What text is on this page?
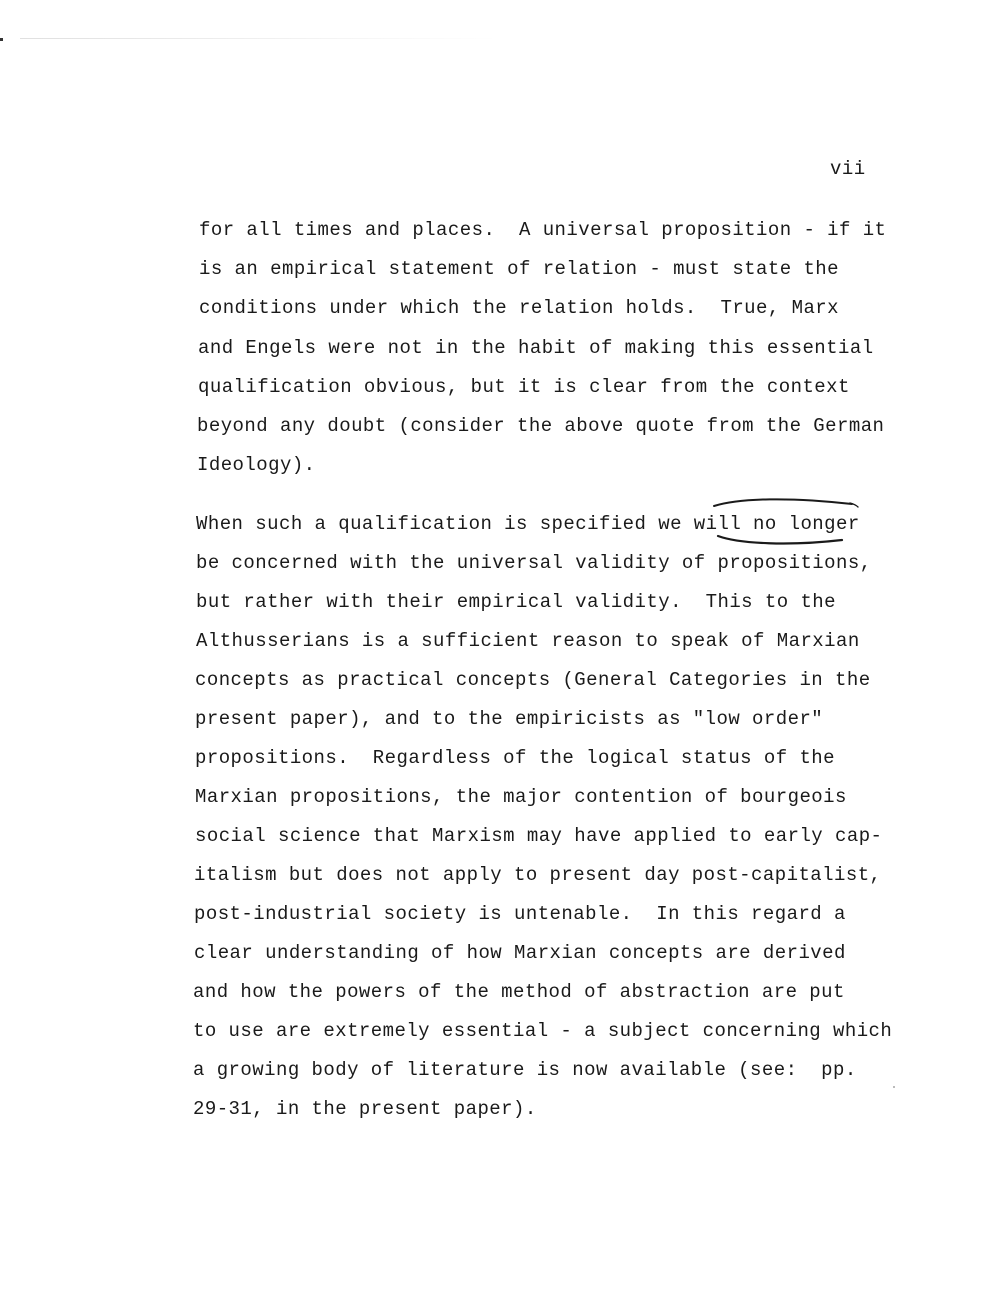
vii
for all times and places.  A universal proposition - if it
is an empirical statement of relation - must state the
conditions under which the relation holds.  True, Marx
and Engels were not in the habit of making this essential
qualification obvious, but it is clear from the context
beyond any doubt (consider the above quote from the German
Ideology).
When such a qualification is specified we will no longer
be concerned with the universal validity of propositions,
but rather with their empirical validity.  This to the
Althusserians is a sufficient reason to speak of Marxian
concepts as practical concepts (General Categories in the
present paper), and to the empiricists as "low order"
propositions.  Regardless of the logical status of the
Marxian propositions, the major contention of bourgeois
social science that Marxism may have applied to early cap-
italism but does not apply to present day post-capitalist,
post-industrial society is untenable.  In this regard a
clear understanding of how Marxian concepts are derived
and how the powers of the method of abstraction are put
to use are extremely essential - a subject concerning which
a growing body of literature is now available (see:  pp.
29-31, in the present paper).
